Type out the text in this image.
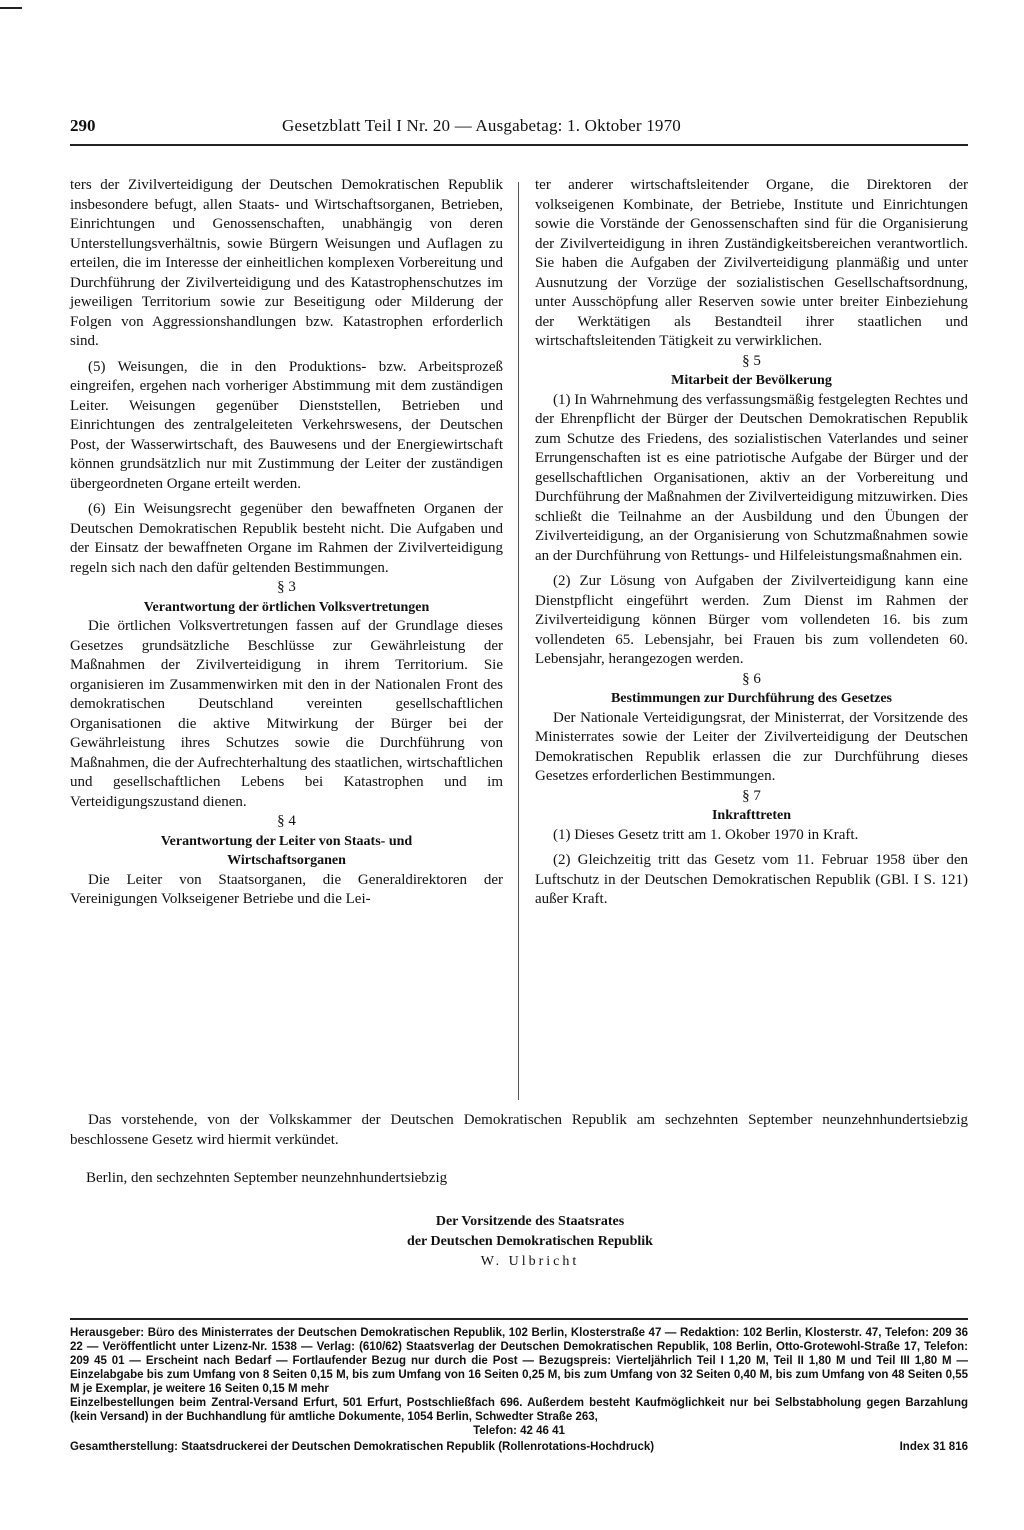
290	Gesetzblatt Teil I Nr. 20 — Ausgabetag: 1. Oktober 1970

ters der Zivilverteidigung der Deutschen Demokratischen Republik insbesondere befugt, allen Staats- und Wirtschaftsorganen, Betrieben, Einrichtungen und Genossenschaften, unabhängig von deren Unterstellungsverhältnis, sowie Bürgern Weisungen und Auflagen zu erteilen, die im Interesse der einheitlichen komplexen Vorbereitung und Durchführung der Zivilverteidigung und des Katastrophenschutzes im jeweiligen Territorium sowie zur Beseitigung oder Milderung der Folgen von Aggressionshandlungen bzw. Katastrophen erforderlich sind.

(5) Weisungen, die in den Produktions- bzw. Arbeitsprozeß eingreifen, ergehen nach vorheriger Abstimmung mit dem zuständigen Leiter. Weisungen gegenüber Dienststellen, Betrieben und Einrichtungen des zentralgeleiteten Verkehrswesens, der Deutschen Post, der Wasserwirtschaft, des Bauwesens und der Energiewirtschaft können grundsätzlich nur mit Zustimmung der Leiter der zuständigen übergeordneten Organe erteilt werden.

(6) Ein Weisungsrecht gegenüber den bewaffneten Organen der Deutschen Demokratischen Republik besteht nicht. Die Aufgaben und der Einsatz der bewaffneten Organe im Rahmen der Zivilverteidigung regeln sich nach den dafür geltenden Bestimmungen.

§ 3

Verantwortung der örtlichen Volksvertretungen

Die örtlichen Volksvertretungen fassen auf der Grundlage dieses Gesetzes grundsätzliche Beschlüsse zur Gewährleistung der Maßnahmen der Zivilverteidigung in ihrem Territorium. Sie organisieren im Zusammenwirken mit den in der Nationalen Front des demokratischen Deutschland vereinten gesellschaftlichen Organisationen die aktive Mitwirkung der Bürger bei der Gewährleistung ihres Schutzes sowie die Durchführung von Maßnahmen, die der Aufrechterhaltung des staatlichen, wirtschaftlichen und gesellschaftlichen Lebens bei Katastrophen und im Verteidigungszustand dienen.

§ 4

Verantwortung der Leiter von Staats- und Wirtschaftsorganen

Die Leiter von Staatsorganen, die Generaldirektoren der Vereinigungen Volkseigener Betriebe und die Lei-

ter anderer wirtschaftsleitender Organe, die Direktoren der volkseigenen Kombinate, der Betriebe, Institute und Einrichtungen sowie die Vorstände der Genossenschaften sind für die Organisierung der Zivilverteidigung in ihren Zuständigkeitsbereichen verantwortlich. Sie haben die Aufgaben der Zivilverteidigung planmäßig und unter Ausnutzung der Vorzüge der sozialistischen Gesellschaftsordnung, unter Ausschöpfung aller Reserven sowie unter breiter Einbeziehung der Werktätigen als Bestandteil ihrer staatlichen und wirtschaftsleitenden Tätigkeit zu verwirklichen.

§ 5

Mitarbeit der Bevölkerung

(1) In Wahrnehmung des verfassungsmäßig festgelegten Rechtes und der Ehrenpflicht der Bürger der Deutschen Demokratischen Republik zum Schutze des Friedens, des sozialistischen Vaterlandes und seiner Errungenschaften ist es eine patriotische Aufgabe der Bürger und der gesellschaftlichen Organisationen, aktiv an der Vorbereitung und Durchführung der Maßnahmen der Zivilverteidigung mitzuwirken. Dies schließt die Teilnahme an der Ausbildung und den Übungen der Zivilverteidigung, an der Organisierung von Schutzmaßnahmen sowie an der Durchführung von Rettungs- und Hilfeleistungsmaßnahmen ein.

(2) Zur Lösung von Aufgaben der Zivilverteidigung kann eine Dienstpflicht eingeführt werden. Zum Dienst im Rahmen der Zivilverteidigung können Bürger vom vollendeten 16. bis zum vollendeten 65. Lebensjahr, bei Frauen bis zum vollendeten 60. Lebensjahr, herangezogen werden.

§ 6

Bestimmungen zur Durchführung des Gesetzes

Der Nationale Verteidigungsrat, der Ministerrat, der Vorsitzende des Ministerrates sowie der Leiter der Zivilverteidigung der Deutschen Demokratischen Republik erlassen die zur Durchführung dieses Gesetzes erforderlichen Bestimmungen.

§ 7

Inkrafttreten

(1) Dieses Gesetz tritt am 1. Okober 1970 in Kraft.

(2) Gleichzeitig tritt das Gesetz vom 11. Februar 1958 über den Luftschutz in der Deutschen Demokratischen Republik (GBl. I S. 121) außer Kraft.

Das vorstehende, von der Volkskammer der Deutschen Demokratischen Republik am sechzehnten September neunzehnhundertsiebzig beschlossene Gesetz wird hiermit verkündet.
Berlin, den sechzehnten September neunzehnhundertsiebzig
Der Vorsitzende des Staatsrates
der Deutschen Demokratischen Republik
W. Ulbricht

Herausgeber: Büro des Ministerrates der Deutschen Demokratischen Republik, 102 Berlin, Klosterstraße 47 — Redaktion: 102 Berlin, Klosterstr. 47, Telefon: 209 36 22 — Veröffentlicht unter Lizenz-Nr. 1538 — Verlag: (610/62) Staatsverlag der Deutschen Demokratischen Republik, 108 Berlin, Otto-Grotewohl-Straße 17, Telefon: 209 45 01 — Erscheint nach Bedarf — Fortlaufender Bezug nur durch die Post — Bezugspreis: Vierteljährlich Teil I 1,20 M, Teil II 1,80 M und Teil III 1,80 M — Einzelabgabe bis zum Umfang von 8 Seiten 0,15 M, bis zum Umfang von 16 Seiten 0,25 M, bis zum Umfang von 32 Seiten 0,40 M, bis zum Umfang von 48 Seiten 0,55 M je Exemplar, je weitere 16 Seiten 0,15 M mehr

Einzelbestellungen beim Zentral-Versand Erfurt, 501 Erfurt, Postschließfach 696. Außerdem besteht Kaufmöglichkeit nur bei Selbstabholung gegen Barzahlung (kein Versand) in der Buchhandlung für amtliche Dokumente, 1054 Berlin, Schwedter Straße 263,

Telefon: 42 46 41

Gesamtherstellung: Staatsdruckerei der Deutschen Demokratischen Republik (Rollenrotations-Hochdruck)	Index 31 816
